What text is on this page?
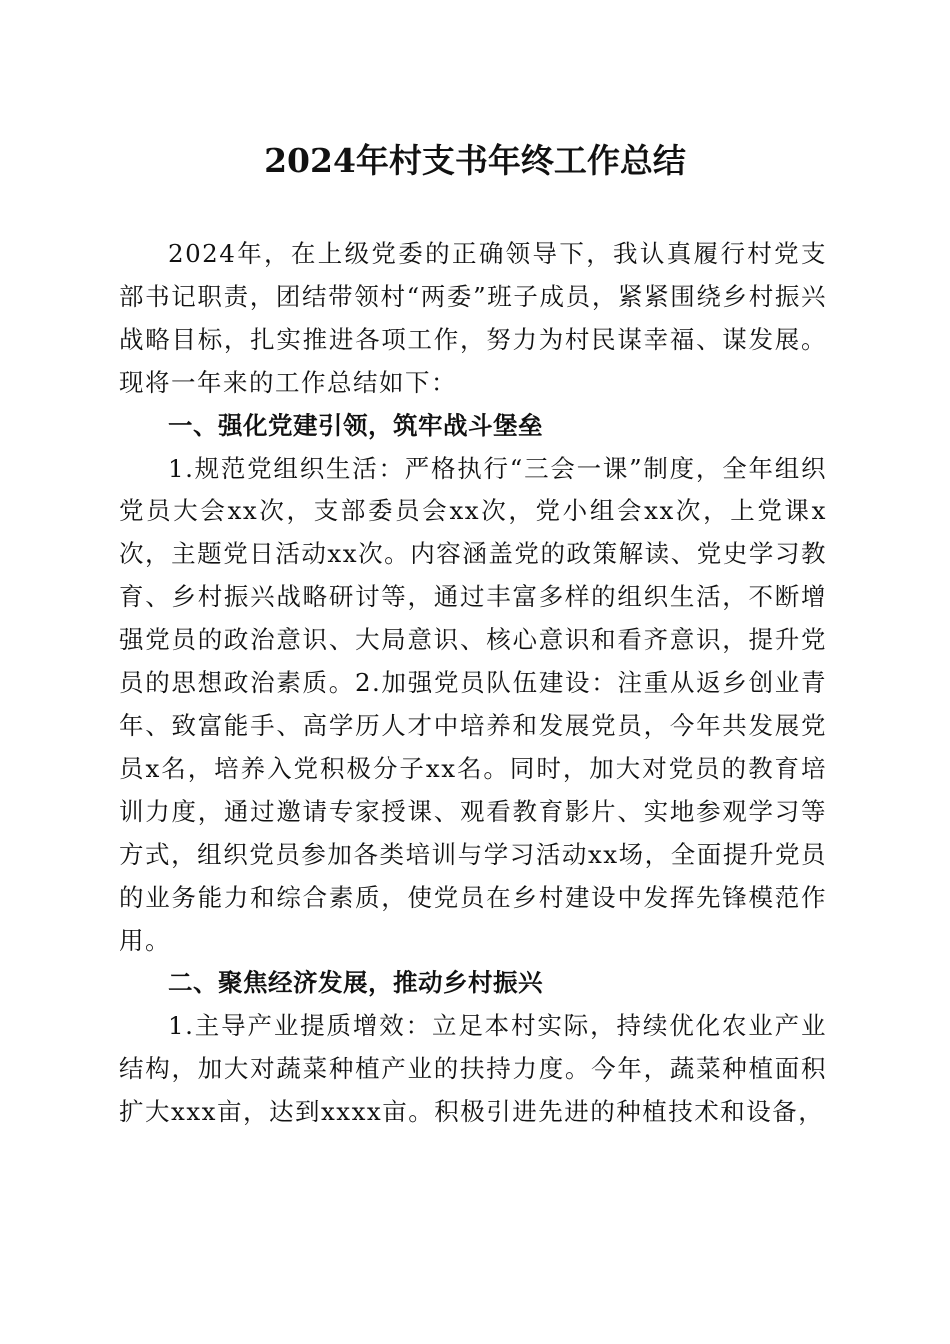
2024年村支书年终工作总结

2024年，在上级党委的正确领导下，我认真履行村党支部书记职责，团结带领村“两委”班子成员，紧紧围绕乡村振兴战略目标，扎实推进各项工作，努力为村民谋幸福、谋发展。现将一年来的工作总结如下：

一、强化党建引领，筑牢战斗堡垒

1.规范党组织生活：严格执行“三会一课”制度，全年组织党员大会xx次，支部委员会xx次，党小组会xx次，上党课x次，主题党日活动xx次。内容涵盖党的政策解读、党史学习教育、乡村振兴战略研讨等，通过丰富多样的组织生活，不断增强党员的政治意识、大局意识、核心意识和看齐意识，提升党员的思想政治素质。2.加强党员队伍建设：注重从返乡创业青年、致富能手、高学历人才中培养和发展党员，今年共发展党员x名，培养入党积极分子xx名。同时，加大对党员的教育培训力度，通过邀请专家授课、观看教育影片、实地参观学习等方式，组织党员参加各类培训与学习活动xx场，全面提升党员的业务能力和综合素质，使党员在乡村建设中发挥先锋模范作用。

二、聚焦经济发展，推动乡村振兴

1.主导产业提质增效：立足本村实际，持续优化农业产业结构，加大对蔬菜种植产业的扶持力度。今年，蔬菜种植面积扩大xxx亩，达到xxxx亩。积极引进先进的种植技术和设备，
